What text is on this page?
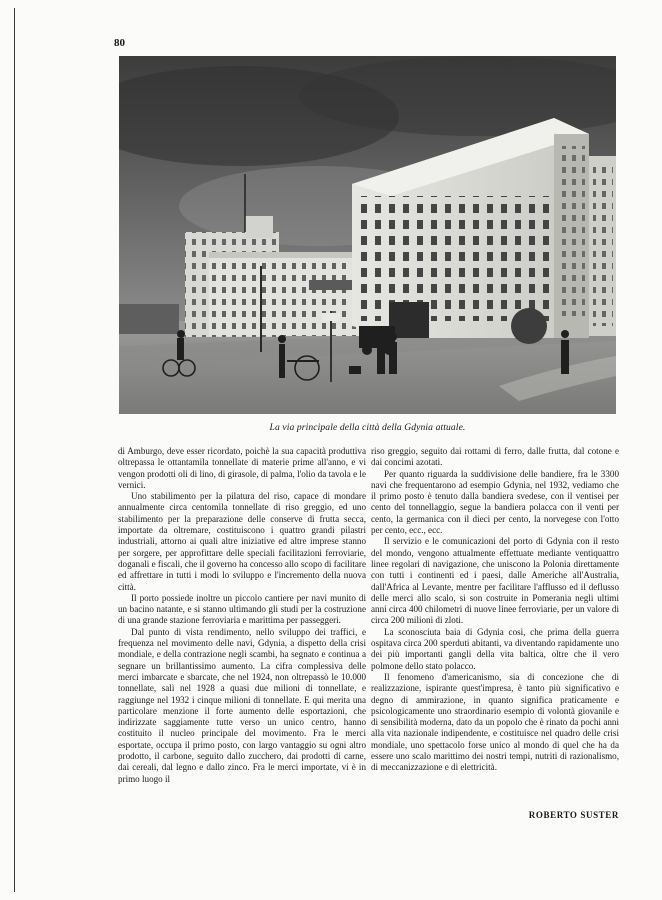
80
La via principale della città della Gdynia attuale.

di Amburgo, deve esser ricordato, poichè la sua capacità produttiva oltrepassa le ottantamila tonnellate di materie prime all'anno, e vi vengon prodotti oli di lino, di girasole, di palma, l'olio da tavola e le vernici.

Uno stabilimento per la pilatura del riso, capace di mondare annualmente circa centomila tonnellate di riso greggio, ed uno stabilimento per la preparazione delle conserve di frutta secca, importate da oltremare, costituiscono i quattro grandi pilastri industriali, attorno ai quali altre iniziative ed altre imprese stanno per sorgere, per approfittare delle speciali facilitazioni ferroviarie, doganali e fiscali, che il governo ha concesso allo scopo di facilitare ed affrettare in tutti i modi lo sviluppo e l'incremento della nuova città.

Il porto possiede inoltre un piccolo cantiere per navi munito di un bacino natante, e si stanno ultimando gli studi per la costruzione di una grande stazione ferroviaria e marittima per passeggeri.

Dal punto di vista rendimento, nello sviluppo dei traffici, e frequenza nel movimento delle navi, Gdynia, a dispetto della crisi mondiale, e della contrazione negli scambi, ha segnato e continua a segnare un brillantissimo aumento. La cifra complessiva delle merci imbarcate e sbarcate, che nel 1924, non oltrepassò le 10.000 tonnellate, salì nel 1928 a quasi due milioni di tonnellate, e raggiunge nel 1932 i cinque milioni di tonnellate. E qui merita una particolare menzione il forte aumento delle esportazioni, che indirizzate saggiamente tutte verso un unico centro, hanno costituito il nucleo principale del movimento. Fra le merci esportate, occupa il primo posto, con largo vantaggio su ogni altro prodotto, il carbone, seguito dallo zucchero, dai prodotti di carne, dai cereali, dal legno e dallo zinco. Fra le merci importate, vi è in primo luogo il

riso greggio, seguito dai rottami di ferro, dalle frutta, dal cotone e dai concimi azotati.

Per quanto riguarda la suddivisione delle bandiere, fra le 3300 navi che frequentarono ad esempio Gdynia, nel 1932, vediamo che il primo posto è tenuto dalla bandiera svedese, con il ventisei per cento del tonnellaggio, segue la bandiera polacca con il venti per cento, la germanica con il dieci per cento, la norvegese con l'otto per cento, ecc., ecc.

Il servizio e le comunicazioni del porto di Gdynia con il resto del mondo, vengono attualmente effettuate mediante ventiquattro linee regolari di navigazione, che uniscono la Polonia direttamente con tutti i continenti ed i paesi, dalle Americhe all'Australia, dall'Africa al Levante, mentre per facilitare l'afflusso ed il deflusso delle merci allo scalo, si son costruite in Pomerania negli ultimi anni circa 400 chilometri di nuove linee ferroviarie, per un valore di circa 200 milioni di zloti.

La sconosciuta baia di Gdynia così, che prima della guerra ospitava circa 200 sperduti abitanti, va diventando rapidamente uno dei più importanti gangli della vita baltica, oltre che il vero polmone dello stato polacco.

Il fenomeno d'americanismo, sia di concezione che di realizzazione, ispirante quest'impresa, è tanto più significativo e degno di ammirazione, in quanto significa praticamente e psicologicamente uno straordinario esempio di volontà giovanile e di sensibilità moderna, dato da un popolo che è rinato da pochi anni alla vita nazionale indipendente, e costituisce nel quadro delle crisi mondiale, uno spettacolo forse unico al mondo di quel che ha da essere uno scalo marittimo dei nostri tempi, nutriti di razionalismo, di meccanizzazione e di elettricità.

ROBERTO SUSTER
